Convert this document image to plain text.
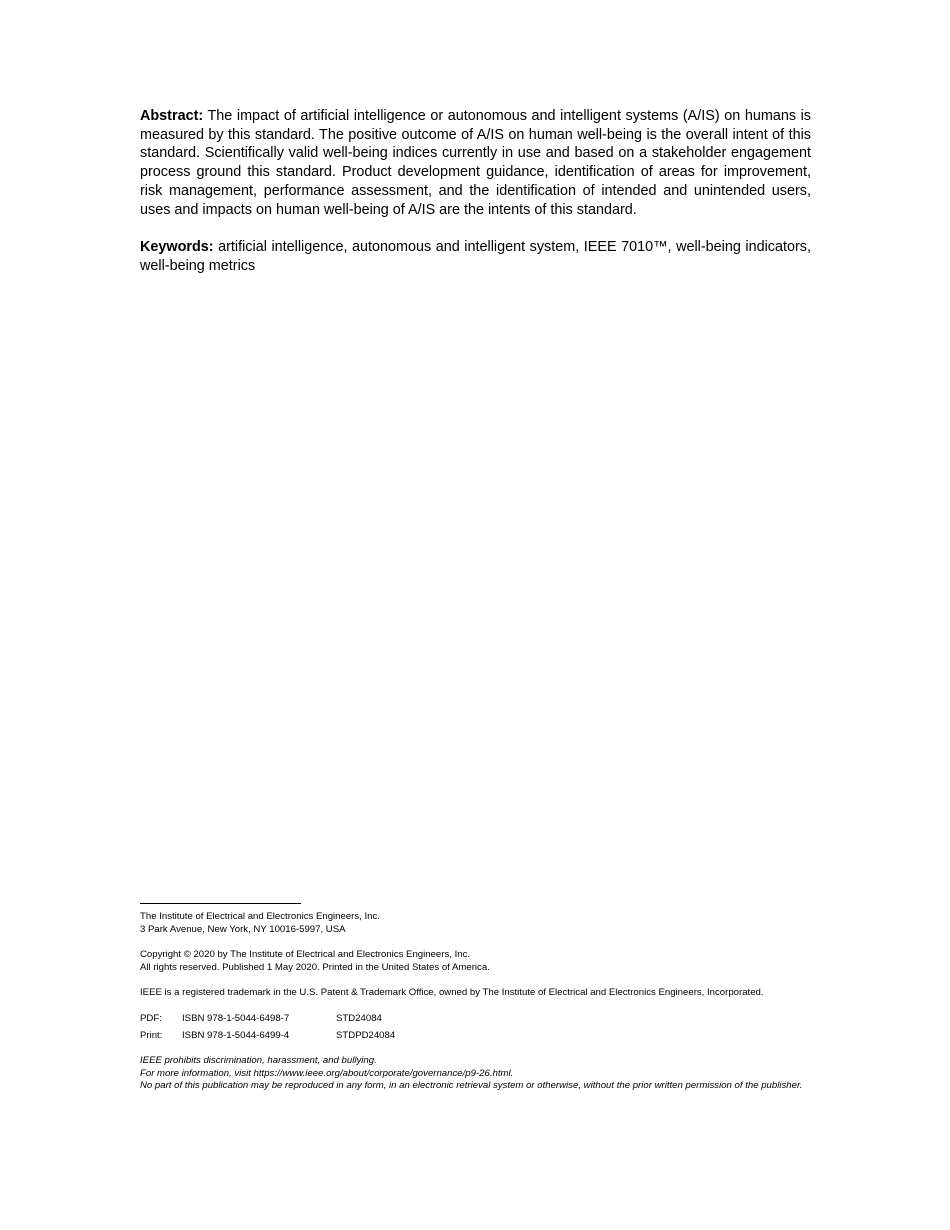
Abstract: The impact of artificial intelligence or autonomous and intelligent systems (A/IS) on humans is measured by this standard. The positive outcome of A/IS on human well-being is the overall intent of this standard. Scientifically valid well-being indices currently in use and based on a stakeholder engagement process ground this standard. Product development guidance, identification of areas for improvement, risk management, performance assessment, and the identification of intended and unintended users, uses and impacts on human well-being of A/IS are the intents of this standard.

Keywords: artificial intelligence, autonomous and intelligent system, IEEE 7010™, well-being indicators, well-being metrics

The Institute of Electrical and Electronics Engineers, Inc.
3 Park Avenue, New York, NY 10016-5997, USA
Copyright © 2020 by The Institute of Electrical and Electronics Engineers, Inc.
All rights reserved. Published 1 May 2020. Printed in the United States of America.
IEEE is a registered trademark in the U.S. Patent & Trademark Office, owned by The Institute of Electrical and Electronics Engineers, Incorporated.
PDF:	ISBN 978-1-5044-6498-7	STD24084
Print:	ISBN 978-1-5044-6499-4	STDPD24084
IEEE prohibits discrimination, harassment, and bullying.
For more information, visit https://www.ieee.org/about/corporate/governance/p9-26.html.
No part of this publication may be reproduced in any form, in an electronic retrieval system or otherwise, without the prior written permission of the publisher.
